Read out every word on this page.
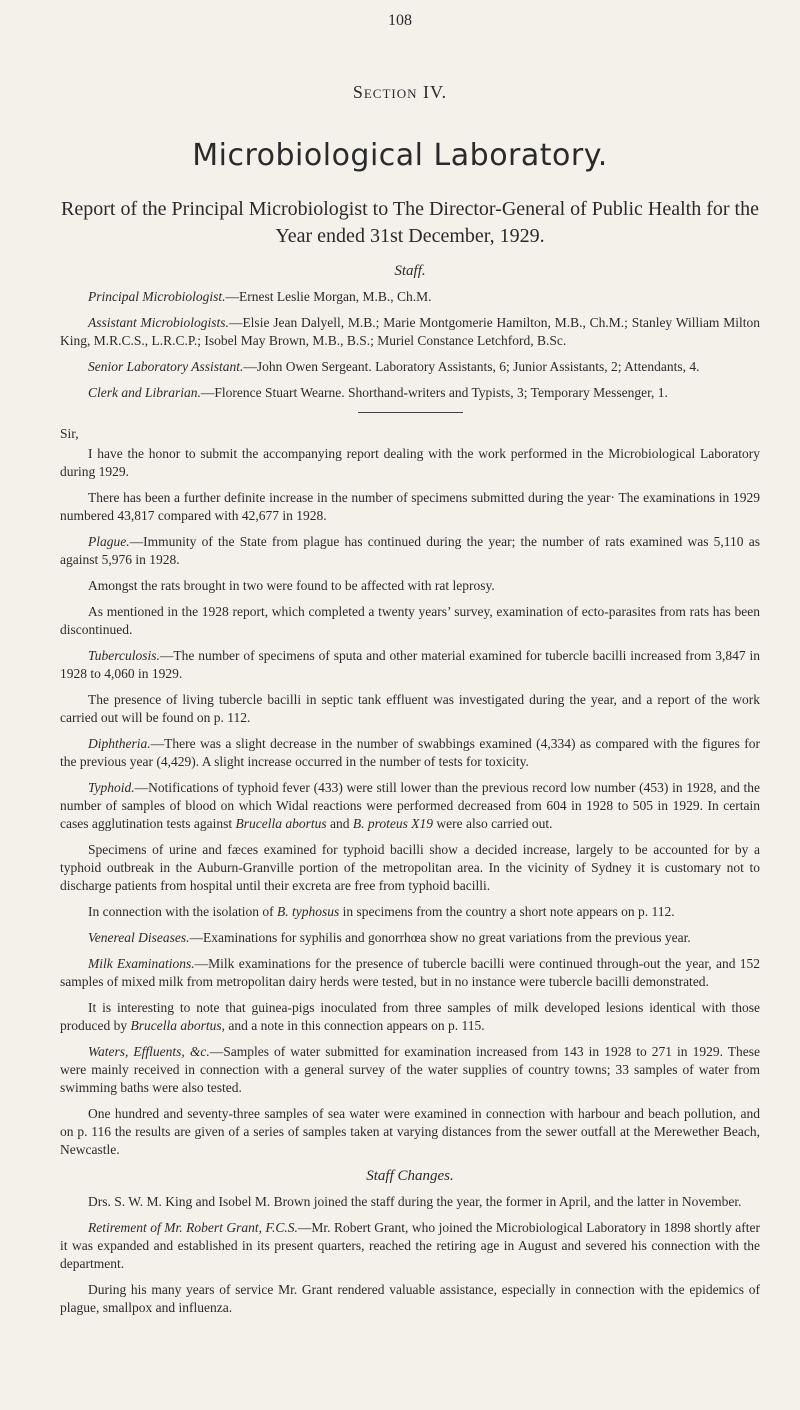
108
Section IV.
Microbiological Laboratory.
Report of the Principal Microbiologist to The Director-General of Public Health for the Year ended 31st December, 1929.
Staff.

Principal Microbiologist.—Ernest Leslie Morgan, M.B., Ch.M.

Assistant Microbiologists.—Elsie Jean Dalyell, M.B.; Marie Montgomerie Hamilton, M.B., Ch.M.; Stanley William Milton King, M.R.C.S., L.R.C.P.; Isobel May Brown, M.B., B.S.; Muriel Constance Letchford, B.Sc.

Senior Laboratory Assistant.—John Owen Sergeant. Laboratory Assistants, 6; Junior Assistants, 2; Attendants, 4.

Clerk and Librarian.—Florence Stuart Wearne. Shorthand-writers and Typists, 3; Temporary Messenger, 1.

Sir,

I have the honor to submit the accompanying report dealing with the work performed in the Microbiological Laboratory during 1929.

There has been a further definite increase in the number of specimens submitted during the year· The examinations in 1929 numbered 43,817 compared with 42,677 in 1928.

Plague.—Immunity of the State from plague has continued during the year; the number of rats examined was 5,110 as against 5,976 in 1928.

Amongst the rats brought in two were found to be affected with rat leprosy.

As mentioned in the 1928 report, which completed a twenty years’ survey, examination of ecto-parasites from rats has been discontinued.

Tuberculosis.—The number of specimens of sputa and other material examined for tubercle bacilli increased from 3,847 in 1928 to 4,060 in 1929.

The presence of living tubercle bacilli in septic tank effluent was investigated during the year, and a report of the work carried out will be found on p. 112.

Diphtheria.—There was a slight decrease in the number of swabbings examined (4,334) as compared with the figures for the previous year (4,429). A slight increase occurred in the number of tests for toxicity.

Typhoid.—Notifications of typhoid fever (433) were still lower than the previous record low number (453) in 1928, and the number of samples of blood on which Widal reactions were performed decreased from 604 in 1928 to 505 in 1929. In certain cases agglutination tests against Brucella abortus and B. proteus X19 were also carried out.

Specimens of urine and fæces examined for typhoid bacilli show a decided increase, largely to be accounted for by a typhoid outbreak in the Auburn-Granville portion of the metropolitan area. In the vicinity of Sydney it is customary not to discharge patients from hospital until their excreta are free from typhoid bacilli.

In connection with the isolation of B. typhosus in specimens from the country a short note appears on p. 112.

Venereal Diseases.—Examinations for syphilis and gonorrhœa show no great variations from the previous year.

Milk Examinations.—Milk examinations for the presence of tubercle bacilli were continued through-out the year, and 152 samples of mixed milk from metropolitan dairy herds were tested, but in no instance were tubercle bacilli demonstrated.

It is interesting to note that guinea-pigs inoculated from three samples of milk developed lesions identical with those produced by Brucella abortus, and a note in this connection appears on p. 115.

Waters, Effluents, &c.—Samples of water submitted for examination increased from 143 in 1928 to 271 in 1929. These were mainly received in connection with a general survey of the water supplies of country towns; 33 samples of water from swimming baths were also tested.

One hundred and seventy-three samples of sea water were examined in connection with harbour and beach pollution, and on p. 116 the results are given of a series of samples taken at varying distances from the sewer outfall at the Merewether Beach, Newcastle.

Staff Changes.

Drs. S. W. M. King and Isobel M. Brown joined the staff during the year, the former in April, and the latter in November.

Retirement of Mr. Robert Grant, F.C.S.—Mr. Robert Grant, who joined the Microbiological Laboratory in 1898 shortly after it was expanded and established in its present quarters, reached the retiring age in August and severed his connection with the department.

During his many years of service Mr. Grant rendered valuable assistance, especially in connection with the epidemics of plague, smallpox and influenza.
